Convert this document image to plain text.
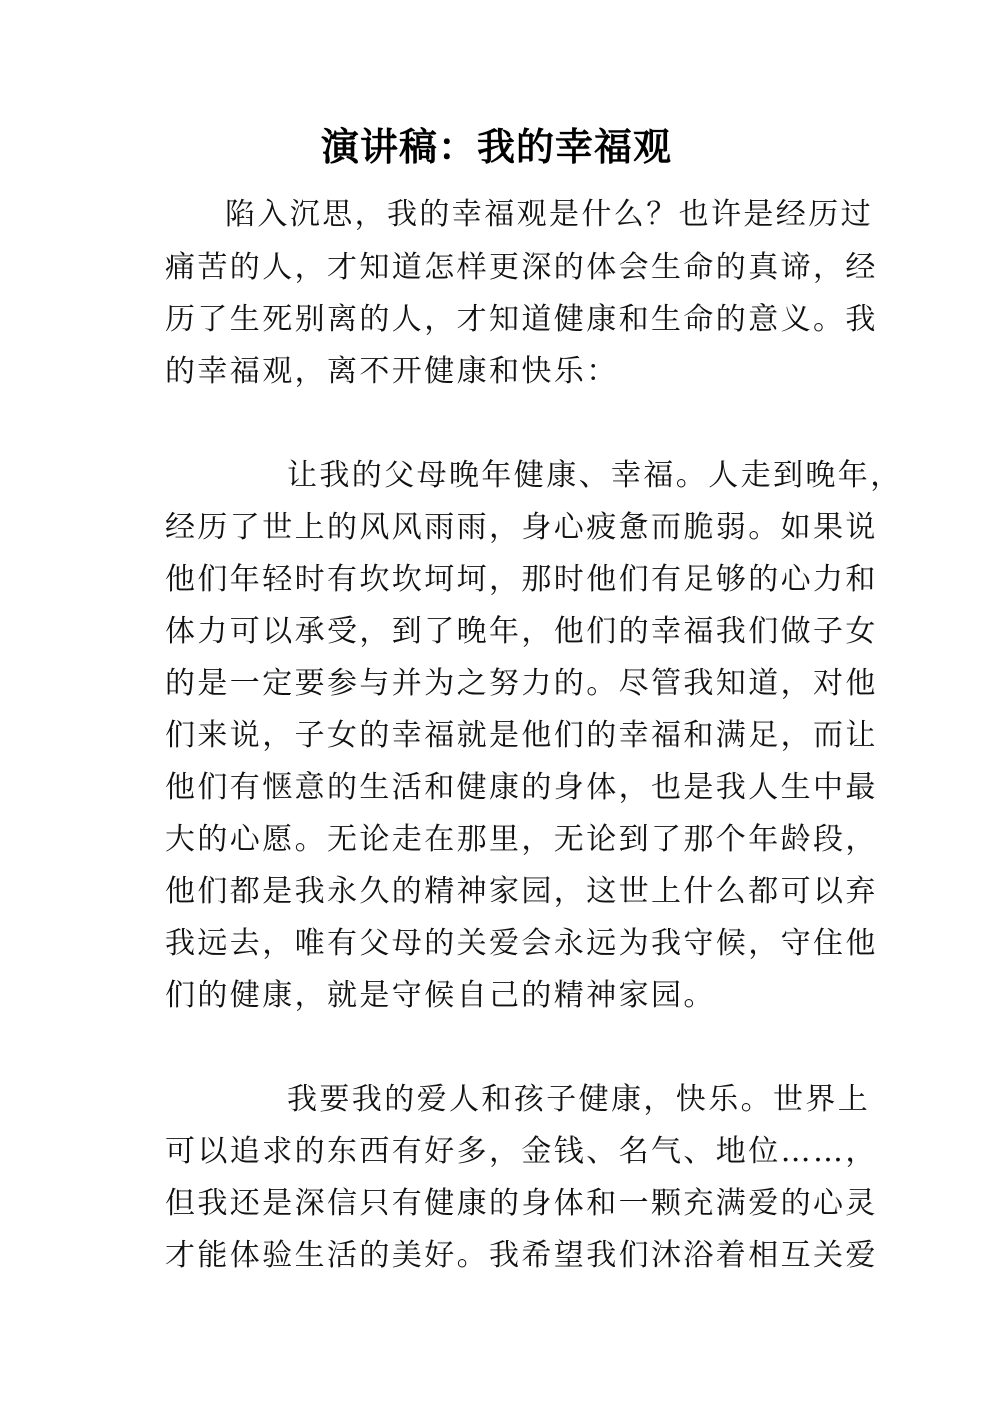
演讲稿：我的幸福观
陷入沉思，我的幸福观是什么？也许是经历过
痛苦的人，才知道怎样更深的体会生命的真谛，经
历了生死别离的人，才知道健康和生命的意义。我
的幸福观，离不开健康和快乐：
让我的父母晚年健康、幸福。人走到晚年，
经历了世上的风风雨雨，身心疲惫而脆弱。如果说
他们年轻时有坎坎坷坷，那时他们有足够的心力和
体力可以承受，到了晚年，他们的幸福我们做子女
的是一定要参与并为之努力的。尽管我知道，对他
们来说，子女的幸福就是他们的幸福和满足，而让
他们有惬意的生活和健康的身体，也是我人生中最
大的心愿。无论走在那里，无论到了那个年龄段，
他们都是我永久的精神家园，这世上什么都可以弃
我远去，唯有父母的关爱会永远为我守候，守住他
们的健康，就是守候自己的精神家园。
我要我的爱人和孩子健康，快乐。世界上
可以追求的东西有好多，金钱、名气、地位……，
但我还是深信只有健康的身体和一颗充满爱的心灵
才能体验生活的美好。我希望我们沐浴着相互关爱
